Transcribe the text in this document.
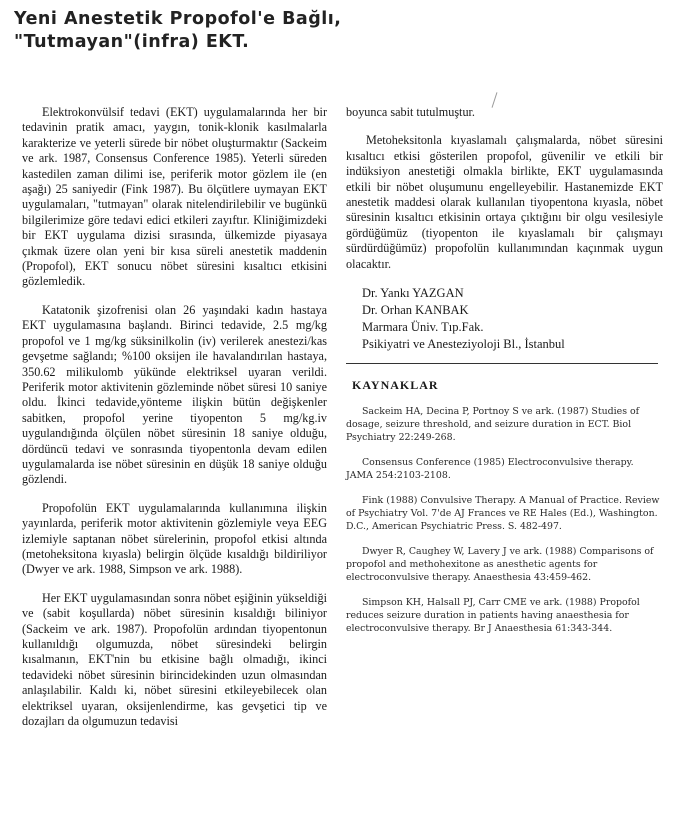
Yeni Anestetik Propofol'e Bağlı,
"Tutmayan"(infra) EKT.

Elektrokonvülsif tedavi (EKT) uygulamalarında her bir tedavinin pratik amacı, yaygın, tonik-klonik kasılmalarla karakterize ve yeterli sürede bir nöbet oluşturmaktır (Sackeim ve ark. 1987, Consensus Conference 1985). Yeterli süreden kastedilen zaman dilimi ise, periferik motor gözlem ile (en aşağı) 25 saniyedir (Fink 1987). Bu ölçütlere uymayan EKT uygulamaları, "tutmayan" olarak nitelendirilebilir ve bugünkü bilgilerimize göre tedavi edici etkileri zayıftır. Kliniğimizdeki bir EKT uygulama dizisi sırasında, ülkemizde piyasaya çıkmak üzere olan yeni bir kısa süreli anestetik maddenin (Propofol), EKT sonucu nöbet süresini kısaltıcı etkisini gözlemledik.

Katatonik şizofrenisi olan 26 yaşındaki kadın hastaya EKT uygulamasına başlandı. Birinci tedavide, 2.5 mg/kg propofol ve 1 mg/kg süksinilkolin (iv) verilerek anestezi/kas gevşetme sağlandı; %100 oksijen ile havalandırılan hastaya, 350.62 milikulomb yükünde elektriksel uyaran verildi. Periferik motor aktivitenin gözleminde nöbet süresi 10 saniye oldu. İkinci tedavide,yönteme ilişkin bütün değişkenler sabitken, propofol yerine tiyopenton 5 mg/kg.iv uygulandığında ölçülen nöbet süresinin 18 saniye olduğu, dördüncü tedavi ve sonrasında tiyopentonla devam edilen uygulamalarda ise nöbet süresinin en düşük 18 saniye olduğu gözlendi.

Propofolün EKT uygulamalarında kullanımına ilişkin yayınlarda, periferik motor aktivitenin gözlemiyle veya EEG izlemiyle saptanan nöbet sürelerinin, propofol etkisi altında (metoheksitona kıyasla) belirgin ölçüde kısaldığı bildiriliyor (Dwyer ve ark. 1988, Simpson ve ark. 1988).

Her EKT uygulamasından sonra nöbet eşiğinin yükseldiği ve (sabit koşullarda) nöbet süresinin kısaldığı biliniyor (Sackeim ve ark. 1987). Propofolün ardından tiyopentonun kullanıldığı olgumuzda, nöbet süresindeki belirgin kısalmanın, EKT'nin bu etkisine bağlı olmadığı, ikinci tedavideki nöbet süresinin birincidekinden uzun olmasından anlaşılabilir. Kaldı ki, nöbet süresini etkileyebilecek olan elektriksel uyaran, oksijenlendirme, kas gevşetici tip ve dozajları da olgumuzun tedavisi

boyunca sabit tutulmuştur.

Metoheksitonla kıyaslamalı çalışmalarda, nöbet süresini kısaltıcı etkisi gösterilen propofol, güvenilir ve etkili bir indüksiyon anestetiği olmakla birlikte, EKT uygulamasında etkili bir nöbet oluşumunu engelleyebilir. Hastanemizde EKT anestetik maddesi olarak kullanılan tiyopentona kıyasla, nöbet süresinin kısaltıcı etkisinin ortaya çıktığını bir olgu vesilesiyle gördüğümüz (tiyopenton ile kıyaslamalı bir çalışmayı sürdürdüğümüz) propofolün kullanımından kaçınmak uygun olacaktır.

Dr. Yankı YAZGAN
Dr. Orhan KANBAK
Marmara Üniv. Tıp.Fak.
Psikiyatri ve Anesteziyoloji Bl., İstanbul
KAYNAKLAR
Sackeim HA, Decina P, Portnoy S ve ark. (1987) Studies of dosage, seizure threshold, and seizure duration in ECT. Biol Psychiatry 22:249-268.
Consensus Conference (1985) Electroconvulsive therapy. JAMA 254:2103-2108.
Fink (1988) Convulsive Therapy. A Manual of Practice. Review of Psychiatry Vol. 7'de AJ Frances ve RE Hales (Ed.), Washington. D.C., American Psychiatric Press. S. 482-497.
Dwyer R, Caughey W, Lavery J ve ark. (1988) Comparisons of propofol and methohexitone as anesthetic agents for electroconvulsive therapy. Anaesthesia 43:459-462.
Simpson KH, Halsall PJ, Carr CME ve ark. (1988) Propofol reduces seizure duration in patients having anaesthesia for electroconvulsive therapy. Br J Anaesthesia 61:343-344.
